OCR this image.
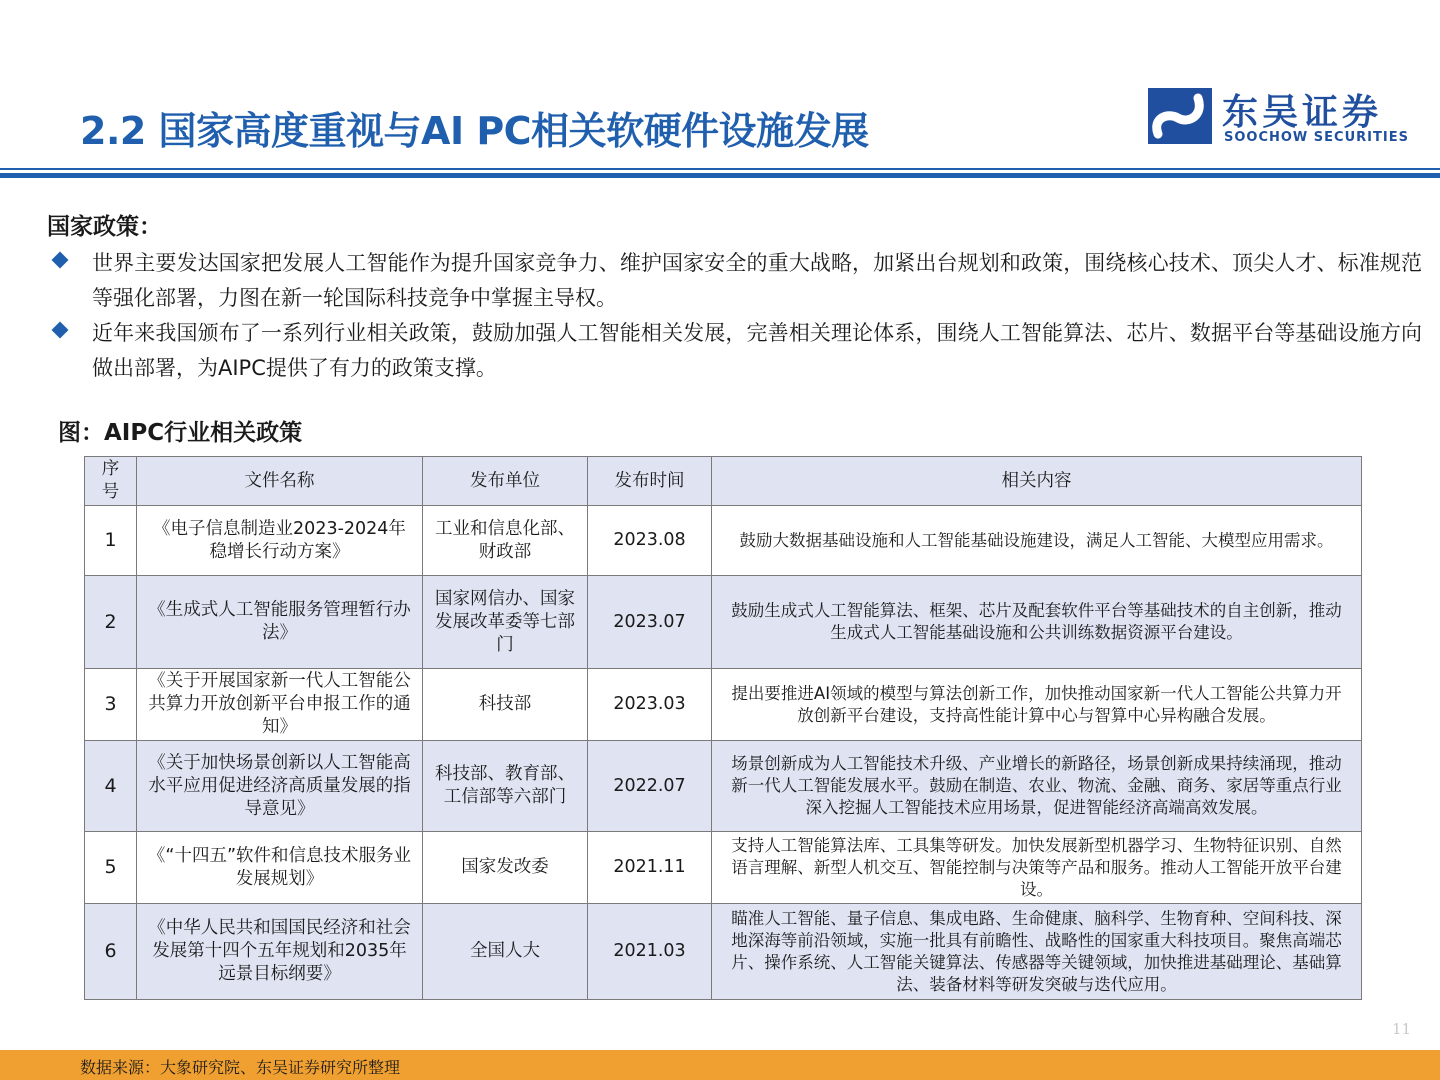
2.2 国家高度重视与AI PC相关软硬件设施发展	东吴证券
SOOCHOW SECURITIES
国家政策：
世界主要发达国家把发展人工智能作为提升国家竞争力、维护国家安全的重大战略，加紧出台规划和政策，围绕核心技术、顶尖人才、标准规范等强化部署，力图在新一轮国际科技竞争中掌握主导权。
近年来我国颁布了一系列行业相关政策，鼓励加强人工智能相关发展，完善相关理论体系，围绕人工智能算法、芯片、数据平台等基础设施方向做出部署，为AIPC提供了有力的政策支撑。
图：AIPC行业相关政策
序号	文件名称	发布单位	发布时间	相关内容
1	《电子信息制造业2023-2024年稳增长行动方案》	工业和信息化部、财政部	2023.08	鼓励大数据基础设施和人工智能基础设施建设，满足人工智能、大模型应用需求。
2	《生成式人工智能服务管理暂行办法》	国家网信办、国家发展改革委等七部门	2023.07	鼓励生成式人工智能算法、框架、芯片及配套软件平台等基础技术的自主创新，推动生成式人工智能基础设施和公共训练数据资源平台建设。
3	《关于开展国家新一代人工智能公共算力开放创新平台申报工作的通知》	科技部	2023.03	提出要推进AI领域的模型与算法创新工作，加快推动国家新一代人工智能公共算力开放创新平台建设，支持高性能计算中心与智算中心异构融合发展。
4	《关于加快场景创新以人工智能高水平应用促进经济高质量发展的指导意见》	科技部、教育部、工信部等六部门	2022.07	场景创新成为人工智能技术升级、产业增长的新路径，场景创新成果持续涌现，推动新一代人工智能发展水平。鼓励在制造、农业、物流、金融、商务、家居等重点行业深入挖掘人工智能技术应用场景，促进智能经济高端高效发展。
5	《“十四五”软件和信息技术服务业发展规划》	国家发改委	2021.11	支持人工智能算法库、工具集等研发。加快发展新型机器学习、生物特征识别、自然语言理解、新型人机交互、智能控制与决策等产品和服务。推动人工智能开放平台建设。
6	《中华人民共和国国民经济和社会发展第十四个五年规划和2035年远景目标纲要》	全国人大	2021.03	瞄准人工智能、量子信息、集成电路、生命健康、脑科学、生物育种、空间科技、深地深海等前沿领域，实施一批具有前瞻性、战略性的国家重大科技项目。聚焦高端芯片、操作系统、人工智能关键算法、传感器等关键领域，加快推进基础理论、基础算法、装备材料等研发突破与迭代应用。
11
数据来源：大象研究院、东吴证券研究所整理
